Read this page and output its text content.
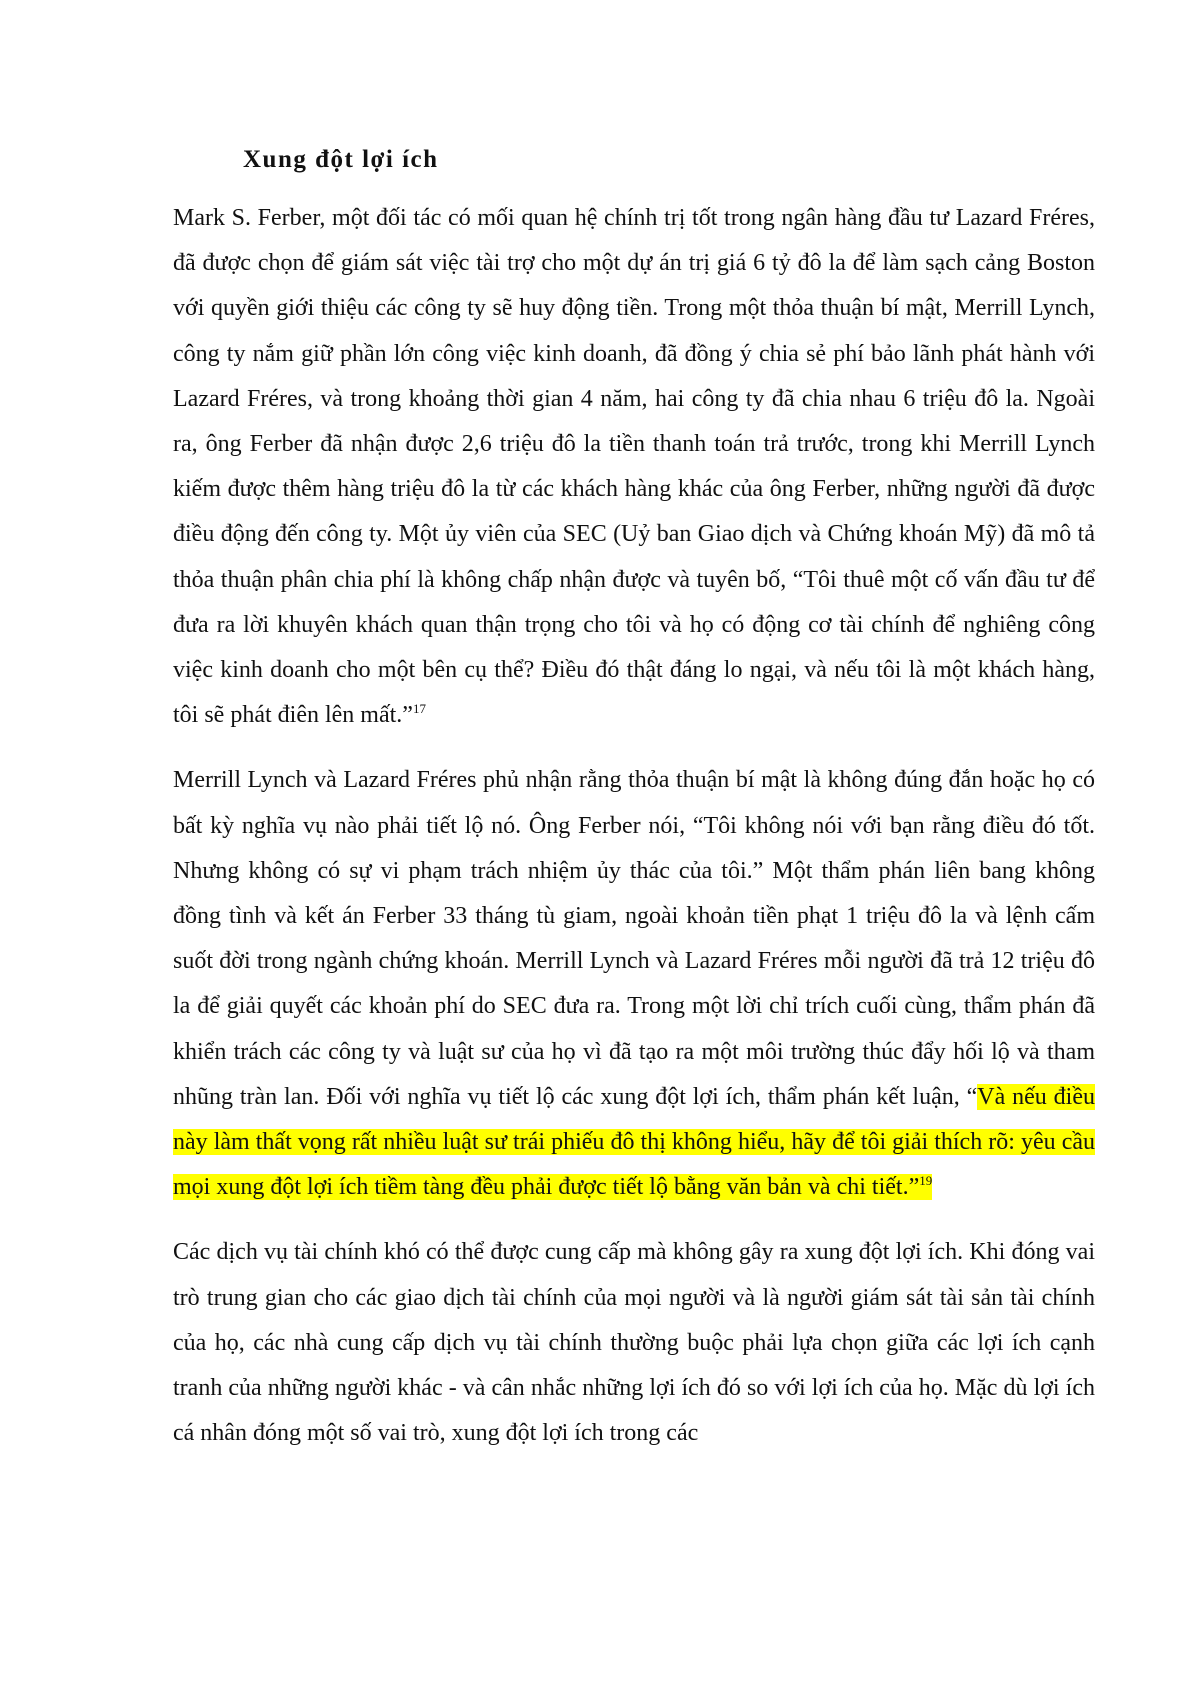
Xung đột lợi ích

Mark S. Ferber, một đối tác có mối quan hệ chính trị tốt trong ngân hàng đầu tư Lazard Fréres, đã được chọn để giám sát việc tài trợ cho một dự án trị giá 6 tỷ đô la để làm sạch cảng Boston với quyền giới thiệu các công ty sẽ huy động tiền. Trong một thỏa thuận bí mật, Merrill Lynch, công ty nắm giữ phần lớn công việc kinh doanh, đã đồng ý chia sẻ phí bảo lãnh phát hành với Lazard Fréres, và trong khoảng thời gian 4 năm, hai công ty đã chia nhau 6 triệu đô la. Ngoài ra, ông Ferber đã nhận được 2,6 triệu đô la tiền thanh toán trả trước, trong khi Merrill Lynch kiếm được thêm hàng triệu đô la từ các khách hàng khác của ông Ferber, những người đã được điều động đến công ty. Một ủy viên của SEC (Uỷ ban Giao dịch và Chứng khoán Mỹ) đã mô tả thỏa thuận phân chia phí là không chấp nhận được và tuyên bố, “Tôi thuê một cố vấn đầu tư để đưa ra lời khuyên khách quan thận trọng cho tôi và họ có động cơ tài chính để nghiêng công việc kinh doanh cho một bên cụ thể? Điều đó thật đáng lo ngại, và nếu tôi là một khách hàng, tôi sẽ phát điên lên mất.”$^{17}$

Merrill Lynch và Lazard Fréres phủ nhận rằng thỏa thuận bí mật là không đúng đắn hoặc họ có bất kỳ nghĩa vụ nào phải tiết lộ nó. Ông Ferber nói, “Tôi không nói với bạn rằng điều đó tốt. Nhưng không có sự vi phạm trách nhiệm ủy thác của tôi.” Một thẩm phán liên bang không đồng tình và kết án Ferber 33 tháng tù giam, ngoài khoản tiền phạt 1 triệu đô la và lệnh cấm suốt đời trong ngành chứng khoán. Merrill Lynch và Lazard Fréres mỗi người đã trả 12 triệu đô la để giải quyết các khoản phí do SEC đưa ra. Trong một lời chỉ trích cuối cùng, thẩm phán đã khiển trách các công ty và luật sư của họ vì đã tạo ra một môi trường thúc đẩy hối lộ và tham nhũng tràn lan. Đối với nghĩa vụ tiết lộ các xung đột lợi ích, thẩm phán kết luận, “Và nếu điều này làm thất vọng rất nhiều luật sư trái phiếu đô thị không hiểu, hãy để tôi giải thích rõ: yêu cầu mọi xung đột lợi ích tiềm tàng đều phải được tiết lộ bằng văn bản và chi tiết.”$^{19}$

Các dịch vụ tài chính khó có thể được cung cấp mà không gây ra xung đột lợi ích. Khi đóng vai trò trung gian cho các giao dịch tài chính của mọi người và là người giám sát tài sản tài chính của họ, các nhà cung cấp dịch vụ tài chính thường buộc phải lựa chọn giữa các lợi ích cạnh tranh của những người khác - và cân nhắc những lợi ích đó so với lợi ích của họ. Mặc dù lợi ích cá nhân đóng một số vai trò, xung đột lợi ích trong các
